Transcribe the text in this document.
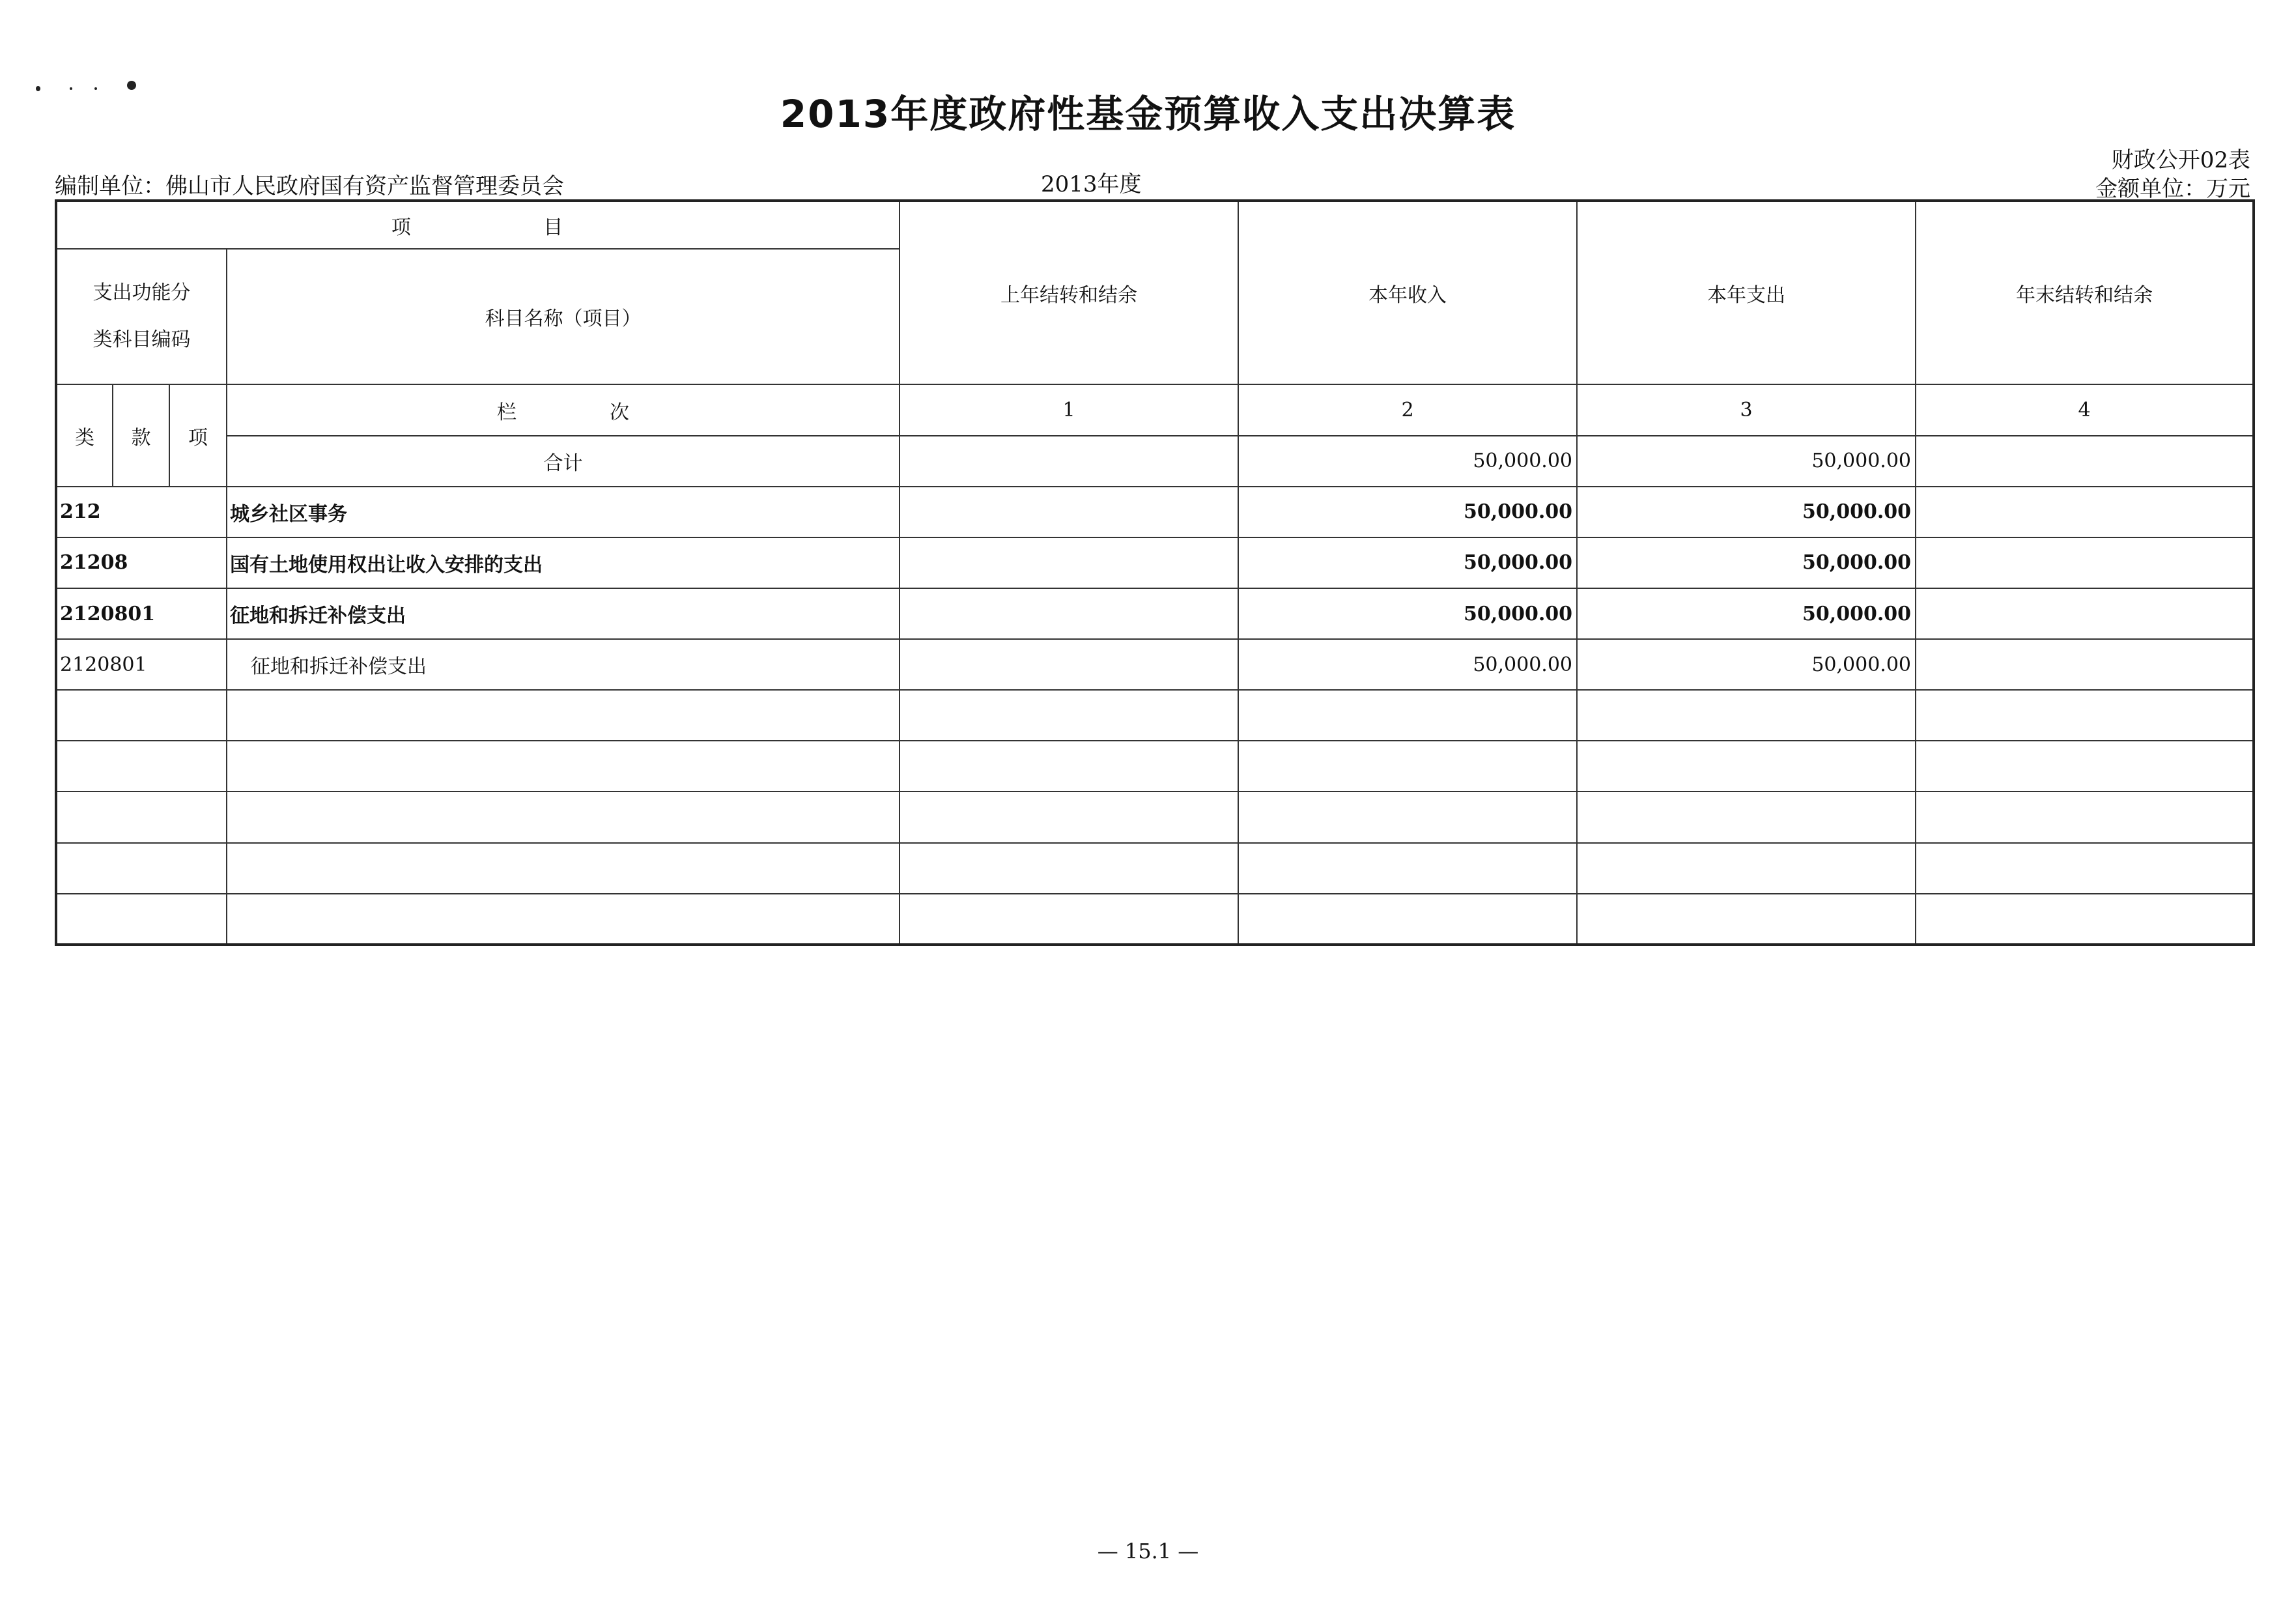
2013年度政府性基金预算收入支出决算表
编制单位：佛山市人民政府国有资产监督管理委员会	2013年度
财政公开02表
金额单位：万元
项                目				上年结转和结余	本年收入	本年支出	年末结转和结余

支出功能分
类科目编码			科目名称（项目）				
类	款	项	栏               次	1	2	3	4
			合计		50,000.00	50,000.00	
212			城乡社区事务		50,000.00	50,000.00	
21208			国有土地使用权出让收入安排的支出		50,000.00	50,000.00	
2120801			征地和拆迁补偿支出		50,000.00	50,000.00	
2120801			征地和拆迁补偿支出		50,000.00	50,000.00	

— 15.1 —
